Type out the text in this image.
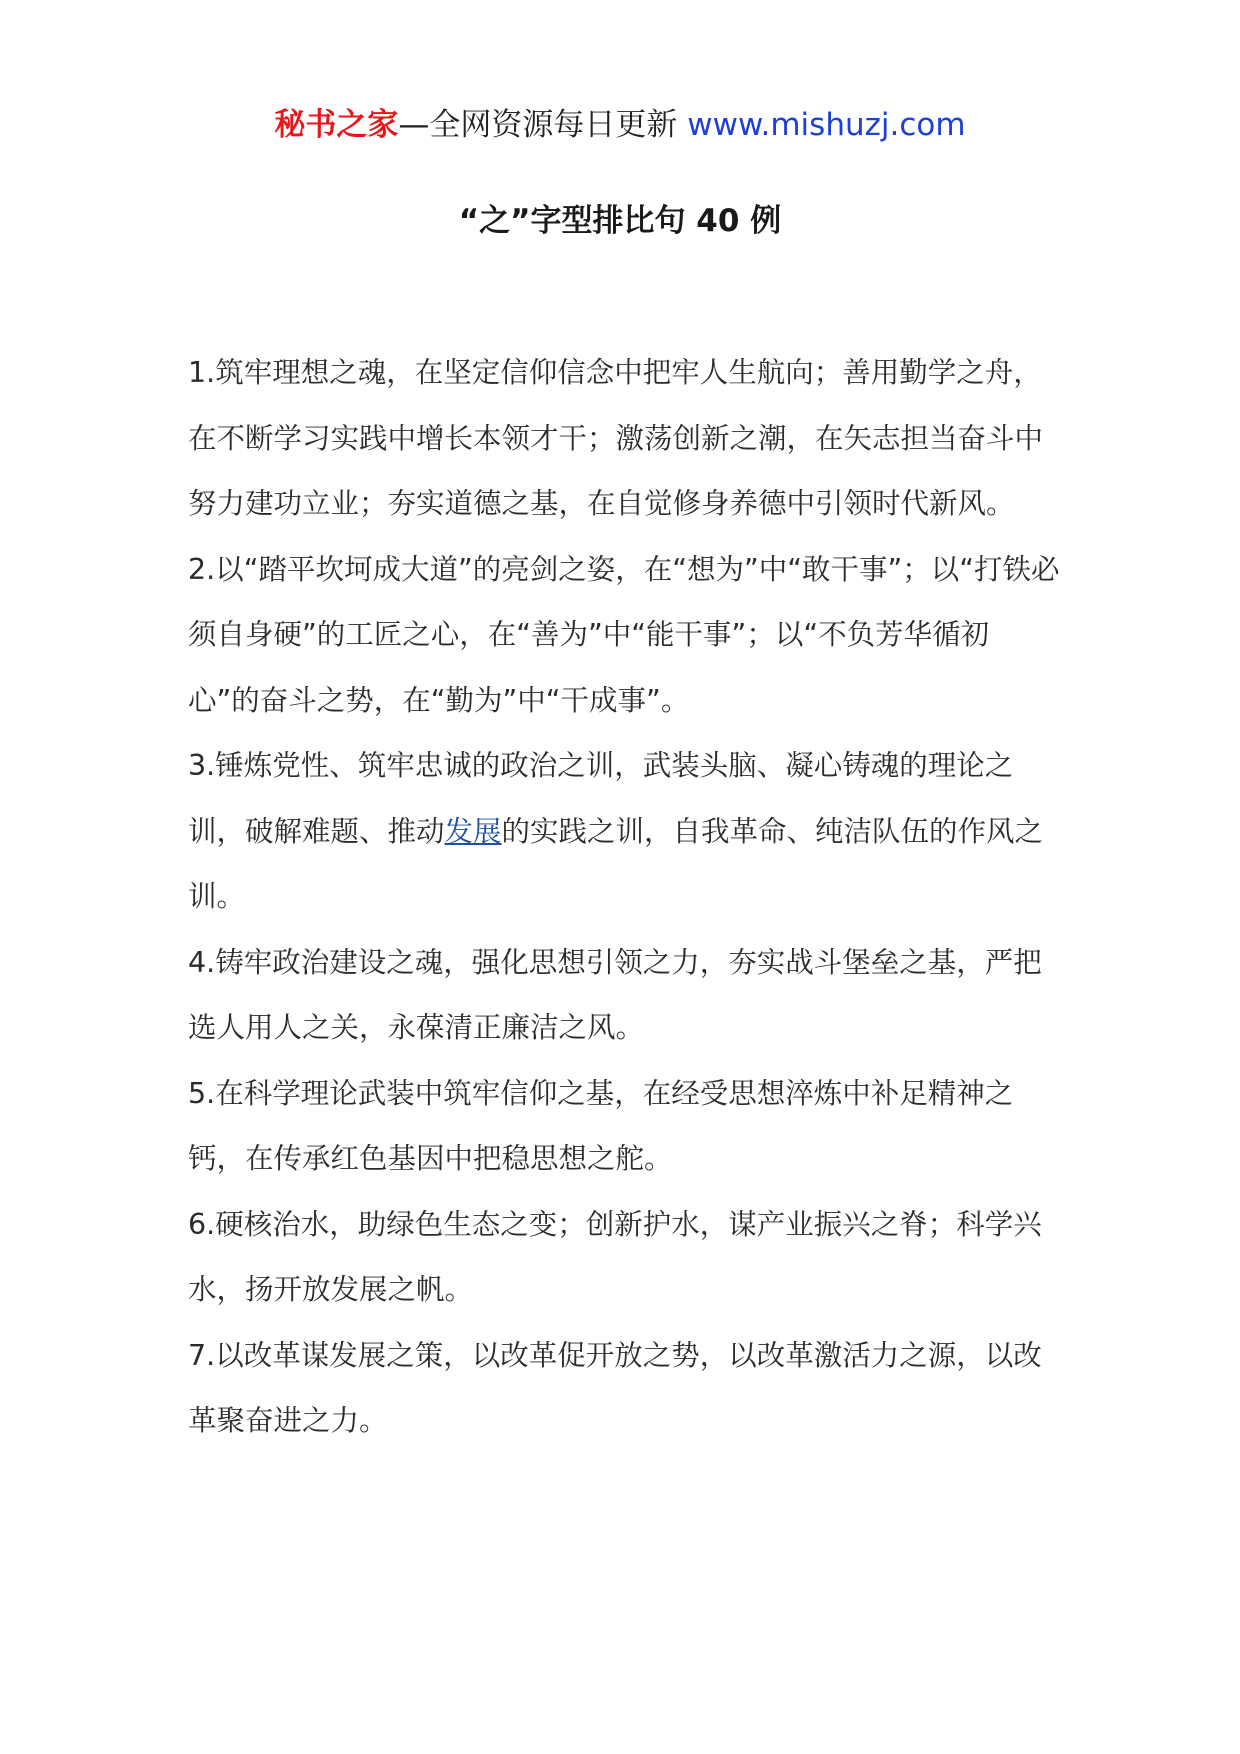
秘书之家—全网资源每日更新 www.mishuzj.com
“之”字型排比句 40 例

1.筑牢理想之魂，在坚定信仰信念中把牢人生航向；善用勤学之舟，在不断学习实践中增长本领才干；激荡创新之潮，在矢志担当奋斗中努力建功立业；夯实道德之基，在自觉修身养德中引领时代新风。

2.以“踏平坎坷成大道”的亮剑之姿，在“想为”中“敢干事”；以“打铁必须自身硬”的工匠之心，在“善为”中“能干事”；以“不负芳华循初心”的奋斗之势，在“勤为”中“干成事”。

3.锤炼党性、筑牢忠诚的政治之训，武装头脑、凝心铸魂的理论之训，破解难题、推动发展的实践之训，自我革命、纯洁队伍的作风之训。

4.铸牢政治建设之魂，强化思想引领之力，夯实战斗堡垒之基，严把选人用人之关，永葆清正廉洁之风。

5.在科学理论武装中筑牢信仰之基，在经受思想淬炼中补足精神之钙，在传承红色基因中把稳思想之舵。

6.硬核治水，助绿色生态之变；创新护水，谋产业振兴之脊；科学兴水，扬开放发展之帆。

7.以改革谋发展之策，以改革促开放之势，以改革激活力之源，以改革聚奋进之力。
